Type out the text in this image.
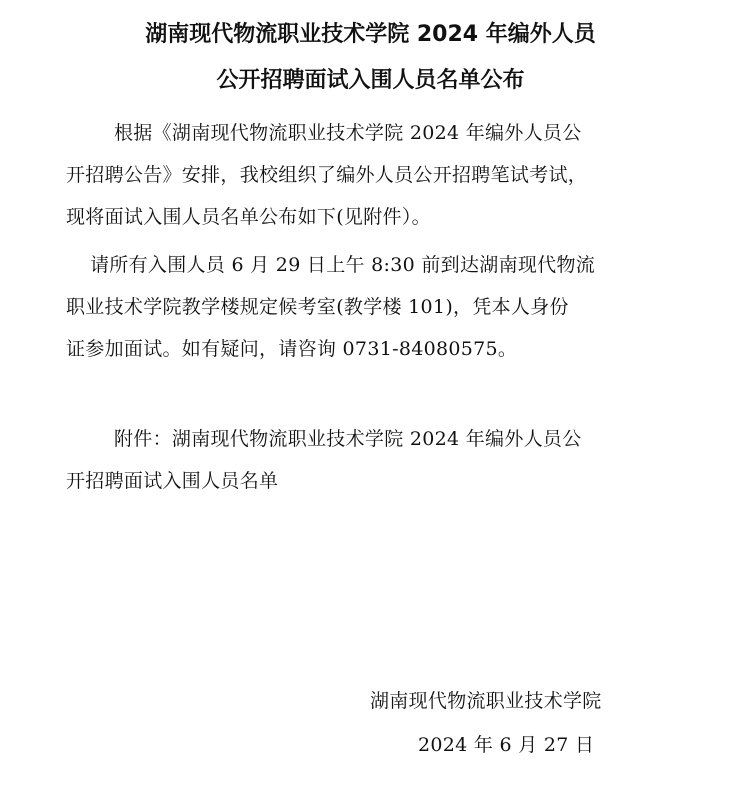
湖南现代物流职业技术学院 2024 年编外人员
公开招聘面试入围人员名单公布
根据《湖南现代物流职业技术学院 2024 年编外人员公
开招聘公告》安排，我校组织了编外人员公开招聘笔试考试，
现将面试入围人员名单公布如下(见附件）。
请所有入围人员 6 月 29 日上午 8:30 前到达湖南现代物流
职业技术学院教学楼规定候考室(教学楼 101)，凭本人身份
证参加面试。如有疑问，请咨询 0731-84080575。
附件：湖南现代物流职业技术学院 2024 年编外人员公
开招聘面试入围人员名单
湖南现代物流职业技术学院
2024 年 6 月 27 日
